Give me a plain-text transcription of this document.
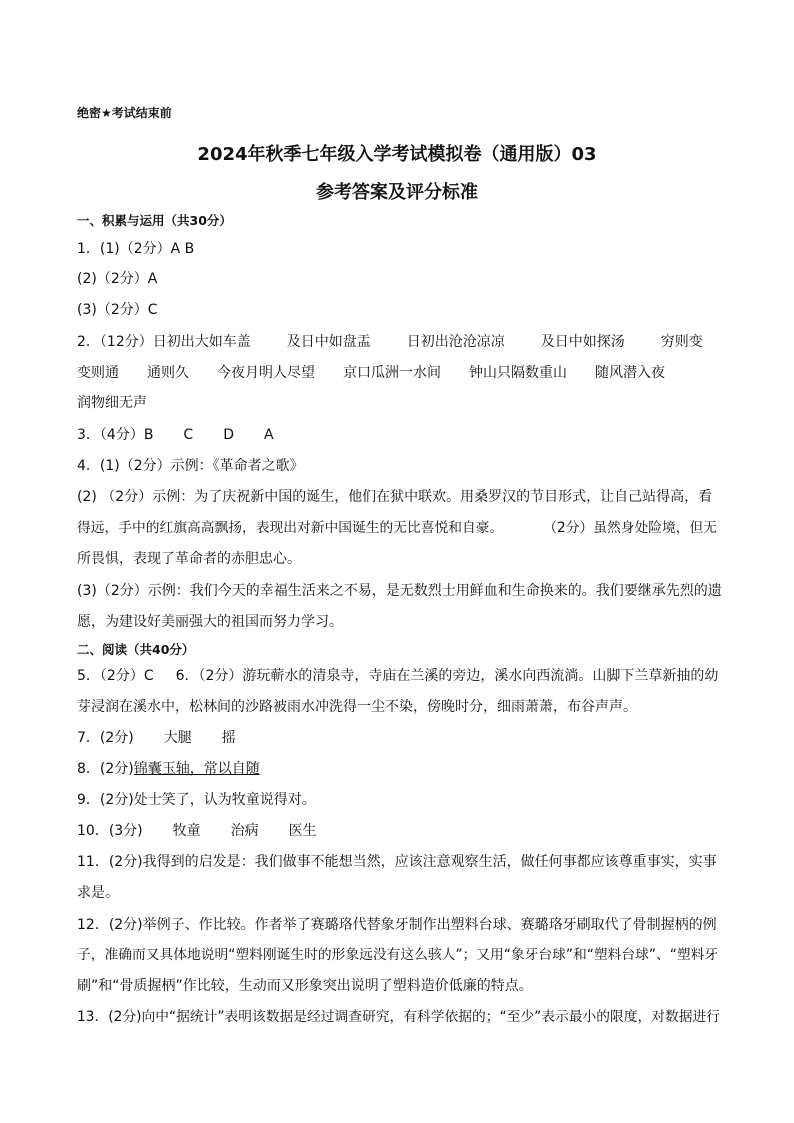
绝密★考试结束前
2024年秋季七年级入学考试模拟卷（通用版）03
参考答案及评分标准
一、积累与运用（共30分）
1．(1)（2分）A B
(2)（2分）A
(3)（2分）C
2．（12分）日初出大如车盖	及日中如盘盂	日初出沧沧凉凉	及日中如探汤	穷则变
变则通 通则久 今夜月明人尽望 京口瓜洲一水间 钟山只隔数重山 随风潜入夜
润物细无声
3．（4分）B C D A
4．(1)（2分）示例：《革命者之歌》
(2) （2分）示例：为了庆祝新中国的诞生，他们在狱中联欢。用桑罗汉的节目形式，让自己站得高，看
得远，手中的红旗高高飘扬，表现出对新中国诞生的无比喜悦和自豪。	（2分）虽然身处险境，但无
所畏惧，表现了革命者的赤胆忠心。
(3)（2分）示例：我们今天的幸福生活来之不易，是无数烈士用鲜血和生命换来的。我们要继承先烈的遗
愿，为建设好美丽强大的祖国而努力学习。
二、阅读（共40分）
5．（2分）C 6．（2分）游玩蕲水的清泉寺，寺庙在兰溪的旁边，溪水向西流淌。山脚下兰草新抽的幼
芽浸润在溪水中，松林间的沙路被雨水冲洗得一尘不染，傍晚时分，细雨萧萧，布谷声声。
7．(2分) 大腿 摇
8．(2分)锦囊玉轴，常以自随
9．(2分)处士笑了，认为牧童说得对。
10．(3分) 牧童 治病 医生
11．(2分)我得到的启发是：我们做事不能想当然，应该注意观察生活，做任何事都应该尊重事实，实事
求是。
12．(2分)举例子、作比较。作者举了赛璐珞代替象牙制作出塑料台球、赛璐珞牙刷取代了骨制握柄的例
子，准确而又具体地说明“塑料刚诞生时的形象远没有这么骇人”；又用“象牙台球”和“塑料台球”、“塑料牙
刷”和“骨质握柄”作比较，生动而又形象突出说明了塑料造价低廉的特点。
13．(2分)向中“据统计”表明该数据是经过调查研究，有科学依据的；“至少”表示最小的限度，对数据进行
